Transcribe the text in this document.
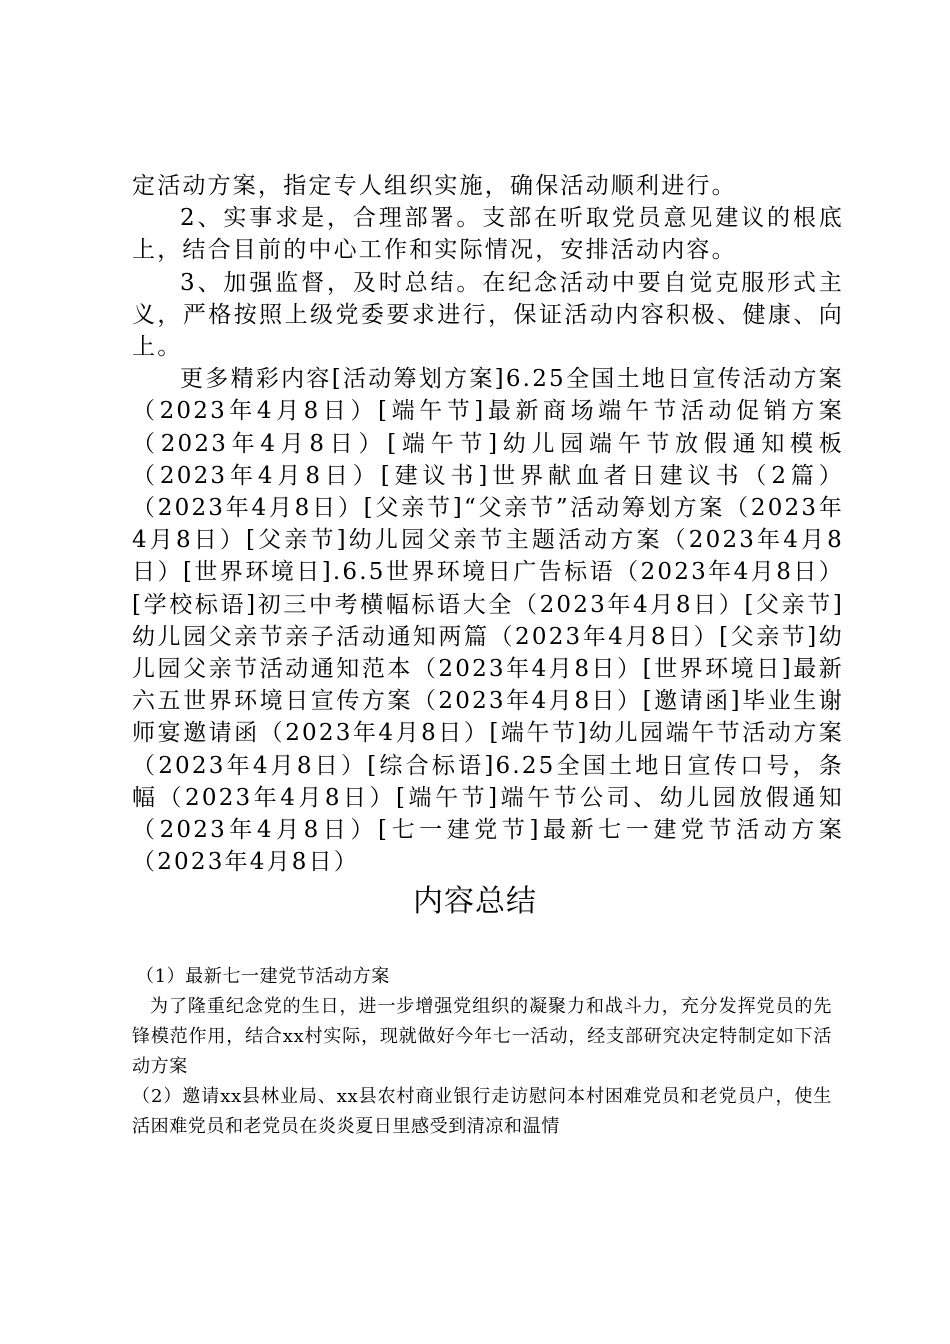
定活动方案，指定专人组织实施，确保活动顺利进行。

2、实事求是，合理部署。支部在听取党员意见建议的根底上，结合目前的中心工作和实际情况，安排活动内容。

3、加强监督，及时总结。在纪念活动中要自觉克服形式主义，严格按照上级党委要求进行，保证活动内容积极、健康、向上。

更多精彩内容[活动筹划方案]6.25全国土地日宣传活动方案（2023年4月8日）[端午节]最新商场端午节活动促销方案（2023年4月8日）[端午节]幼儿园端午节放假通知模板（2023年4月8日）[建议书]世界献血者日建议书（2篇）（2023年4月8日）[父亲节]“父亲节”活动筹划方案（2023年4月8日）[父亲节]幼儿园父亲节主题活动方案（2023年4月8日）[世界环境日].6.5世界环境日广告标语（2023年4月8日）[学校标语]初三中考横幅标语大全（2023年4月8日）[父亲节]幼儿园父亲节亲子活动通知两篇（2023年4月8日）[父亲节]幼儿园父亲节活动通知范本（2023年4月8日）[世界环境日]最新六五世界环境日宣传方案（2023年4月8日）[邀请函]毕业生谢师宴邀请函（2023年4月8日）[端午节]幼儿园端午节活动方案（2023年4月8日）[综合标语]6.25全国土地日宣传口号，条幅（2023年4月8日）[端午节]端午节公司、幼儿园放假通知（2023年4月8日）[七一建党节]最新七一建党节活动方案（2023年4月8日）

内容总结

（1）最新七一建党节活动方案

为了隆重纪念党的生日，进一步增强党组织的凝聚力和战斗力，充分发挥党员的先锋模范作用，结合xx村实际，现就做好今年七一活动，经支部研究决定特制定如下活动方案

（2）邀请xx县林业局、xx县农村商业银行走访慰问本村困难党员和老党员户，使生活困难党员和老党员在炎炎夏日里感受到清凉和温情
